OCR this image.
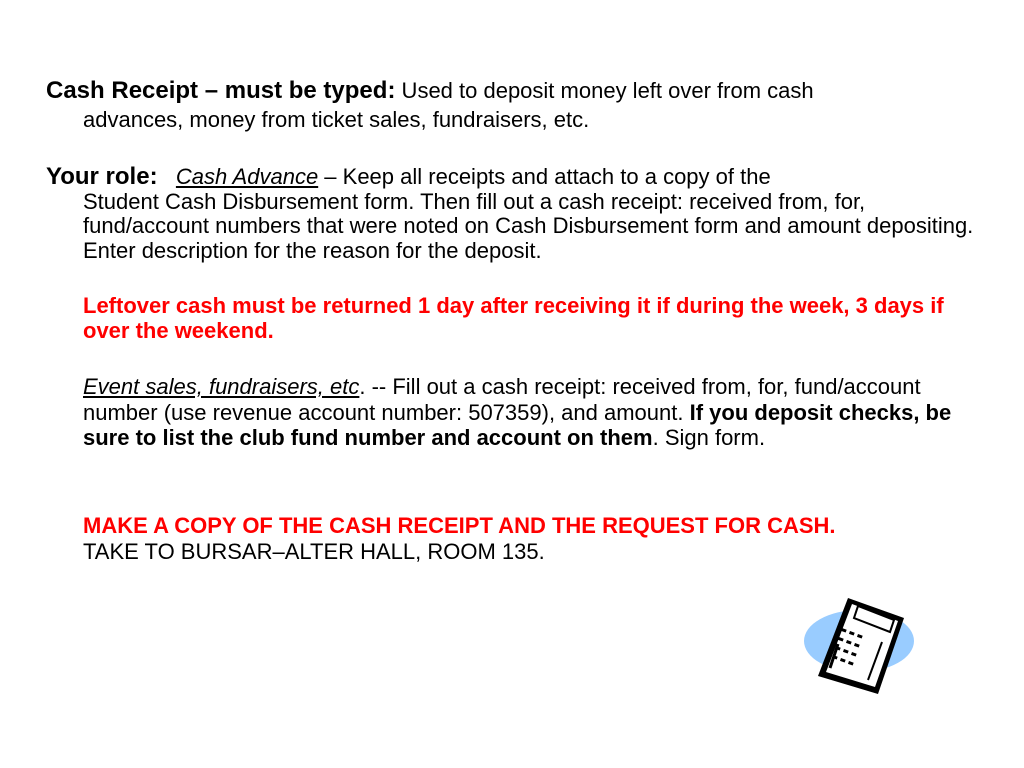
Cash Receipt – must be typed: Used to deposit money left over from cash
advances, money from ticket sales, fundraisers, etc.
Your role: Cash Advance – Keep all receipts and attach to a copy of the
Student Cash Disbursement form. Then fill out a cash receipt: received from, for, fund/account numbers that were noted on Cash Disbursement form and amount depositing. Enter description for the reason for the deposit.
Leftover cash must be returned 1 day after receiving it if during the week, 3 days if over the weekend.
Event sales, fundraisers, etc. -- Fill out a cash receipt: received from, for, fund/account number (use revenue account number: 507359), and amount. If you deposit checks, be sure to list the club fund number and account on them. Sign form.
MAKE A COPY OF THE CASH RECEIPT AND THE REQUEST FOR CASH.
TAKE TO BURSAR–ALTER HALL, ROOM 135.
